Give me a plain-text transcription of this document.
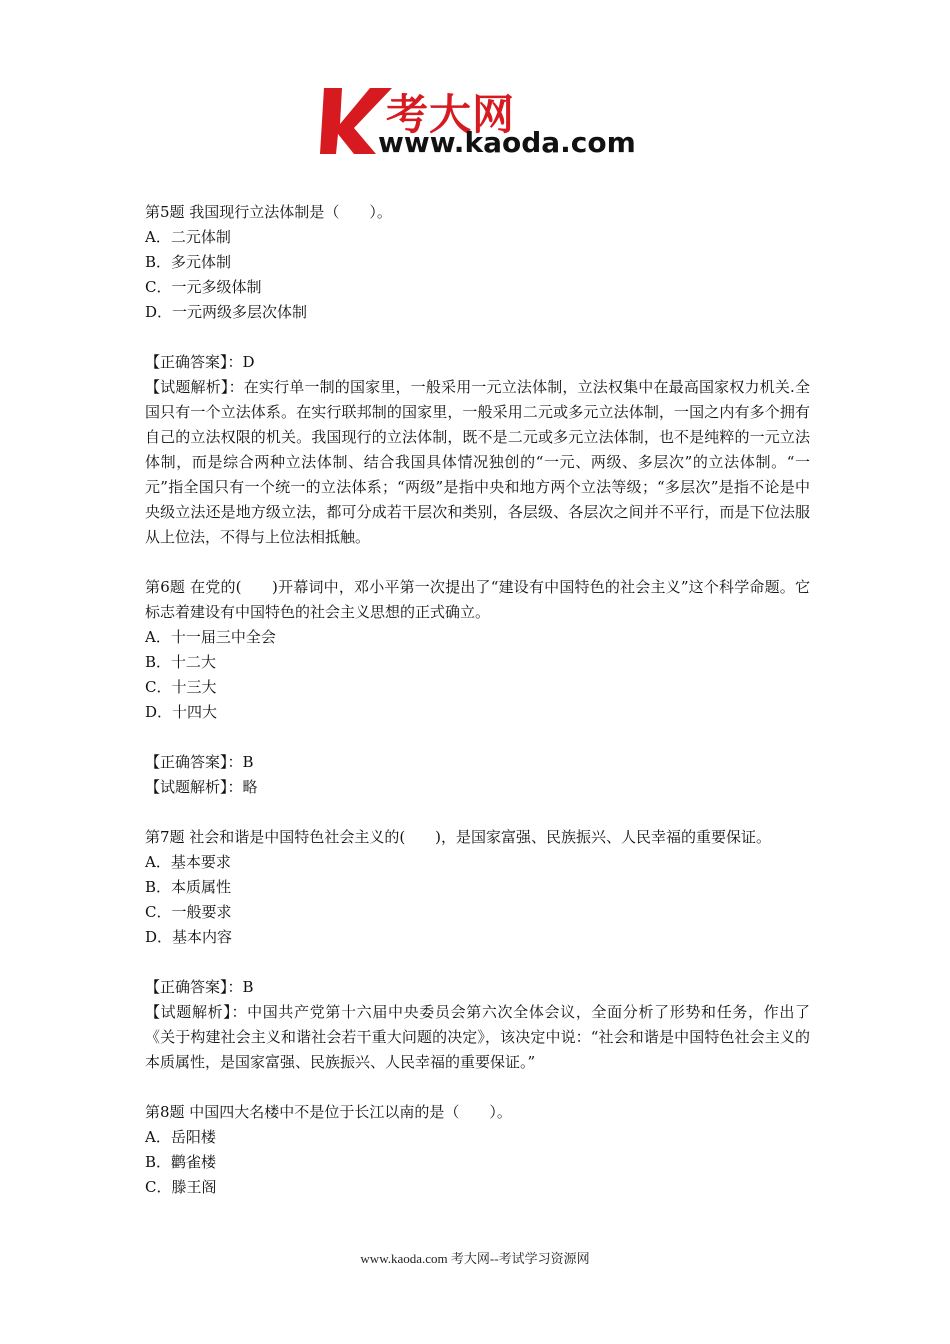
考大网
www.kaoda.com
第5题 我国现行立法体制是（　　）。
A．二元体制
B．多元体制
C．一元多级体制
D．一元两级多层次体制
【正确答案】：D
【试题解析】：在实行单一制的国家里，一般采用一元立法体制，立法权集中在最高国家权力机关.全国只有一个立法体系。在实行联邦制的国家里，一般采用二元或多元立法体制，一国之内有多个拥有自己的立法权限的机关。我国现行的立法体制，既不是二元或多元立法体制，也不是纯粹的一元立法体制，而是综合两种立法体制、结合我国具体情况独创的“一元、两级、多层次”的立法体制。“一元”指全国只有一个统一的立法体系；“两级”是指中央和地方两个立法等级；“多层次”是指不论是中央级立法还是地方级立法，都可分成若干层次和类别，各层级、各层次之间并不平行，而是下位法服从上位法，不得与上位法相抵触。
第6题 在党的(　　)开幕词中，邓小平第一次提出了“建设有中国特色的社会主义”这个科学命题。它标志着建设有中国特色的社会主义思想的正式确立。
A．十一届三中全会
B．十二大
C．十三大
D．十四大
【正确答案】：B
【试题解析】：略
第7题 社会和谐是中国特色社会主义的(　　)，是国家富强、民族振兴、人民幸福的重要保证。
A．基本要求
B．本质属性
C．一般要求
D．基本内容
【正确答案】：B
【试题解析】：中国共产党第十六届中央委员会第六次全体会议，全面分析了形势和任务，作出了《关于构建社会主义和谐社会若干重大问题的决定》，该决定中说：“社会和谐是中国特色社会主义的本质属性，是国家富强、民族振兴、人民幸福的重要保证。”
第8题 中国四大名楼中不是位于长江以南的是（　　）。
A．岳阳楼
B．鹳雀楼
C．滕王阁
www.kaoda.com 考大网--考试学习资源网
